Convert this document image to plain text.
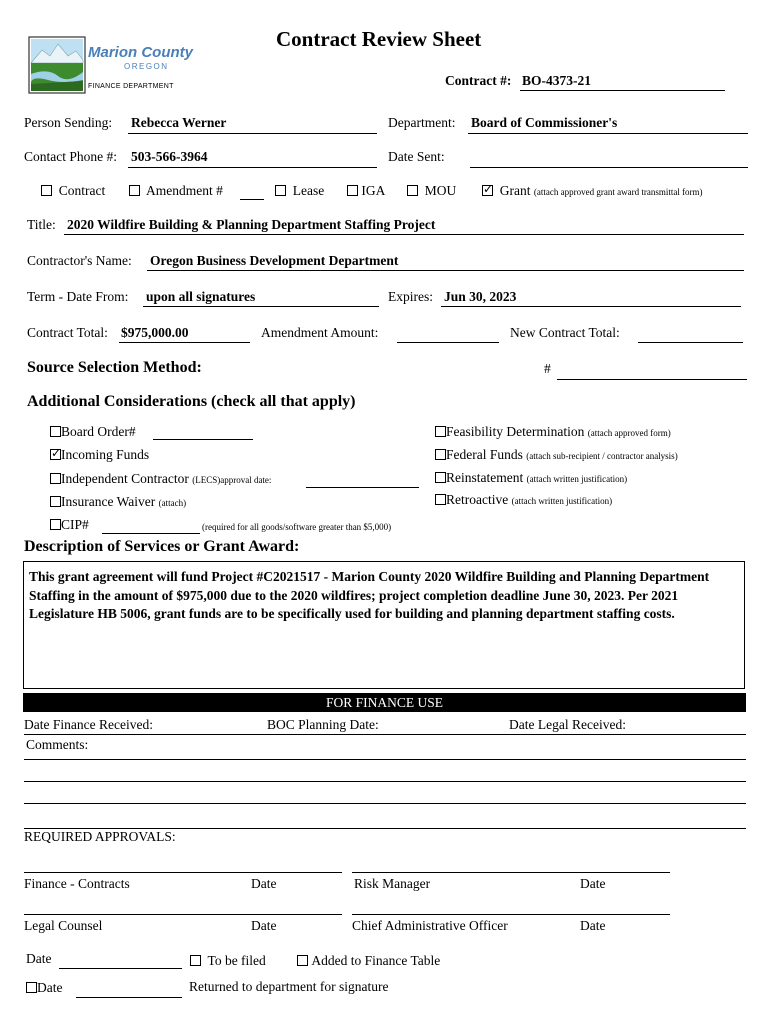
Marion County
OREGON
FINANCE DEPARTMENT
Contract Review Sheet
Contract #: BO-4373-21
Person Sending: Rebecca Werner	Department: Board of Commissioner's
Contact Phone #: 503-566-3964	Date Sent:
Contract	Amendment #	Lease	IGA	MOU
✓	Grant (attach approved grant award transmittal form)
Title: 2020 Wildfire Building & Planning Department Staffing Project
Contractor's Name: Oregon Business Development Department
Term - Date From: upon all signatures	Expires: Jun 30, 2023
Contract Total: $975,000.00	Amendment Amount:	New Contract Total:
Source Selection Method:	#
Additional Considerations (check all that apply)
Board Order#
✓Incoming Funds
Independent Contractor (LECS)approval date:
Insurance Waiver (attach)
CIP#	(required for all goods/software greater than $5,000)
Feasibility Determination (attach approved form)
Federal Funds (attach sub-recipient / contractor analysis)
Reinstatement (attach written justification)
Retroactive (attach written justification)
Description of Services or Grant Award:
This grant agreement will fund Project #C2021517 - Marion County 2020 Wildfire Building and Planning Department Staffing in the amount of $975,000 due to the 2020 wildfires; project completion deadline June 30, 2023. Per 2021 Legislature HB 5006, grant funds are to be specifically used for building and planning department staffing costs.
FOR FINANCE USE
Date Finance Received:	BOC Planning Date:	Date Legal Received:
Comments:
REQUIRED APPROVALS:
Finance - Contracts	Date	Risk Manager	Date
Legal Counsel	Date	Chief Administrative Officer	Date
Date	To be filed	Added to Finance Table
Date	Returned to department for signature
